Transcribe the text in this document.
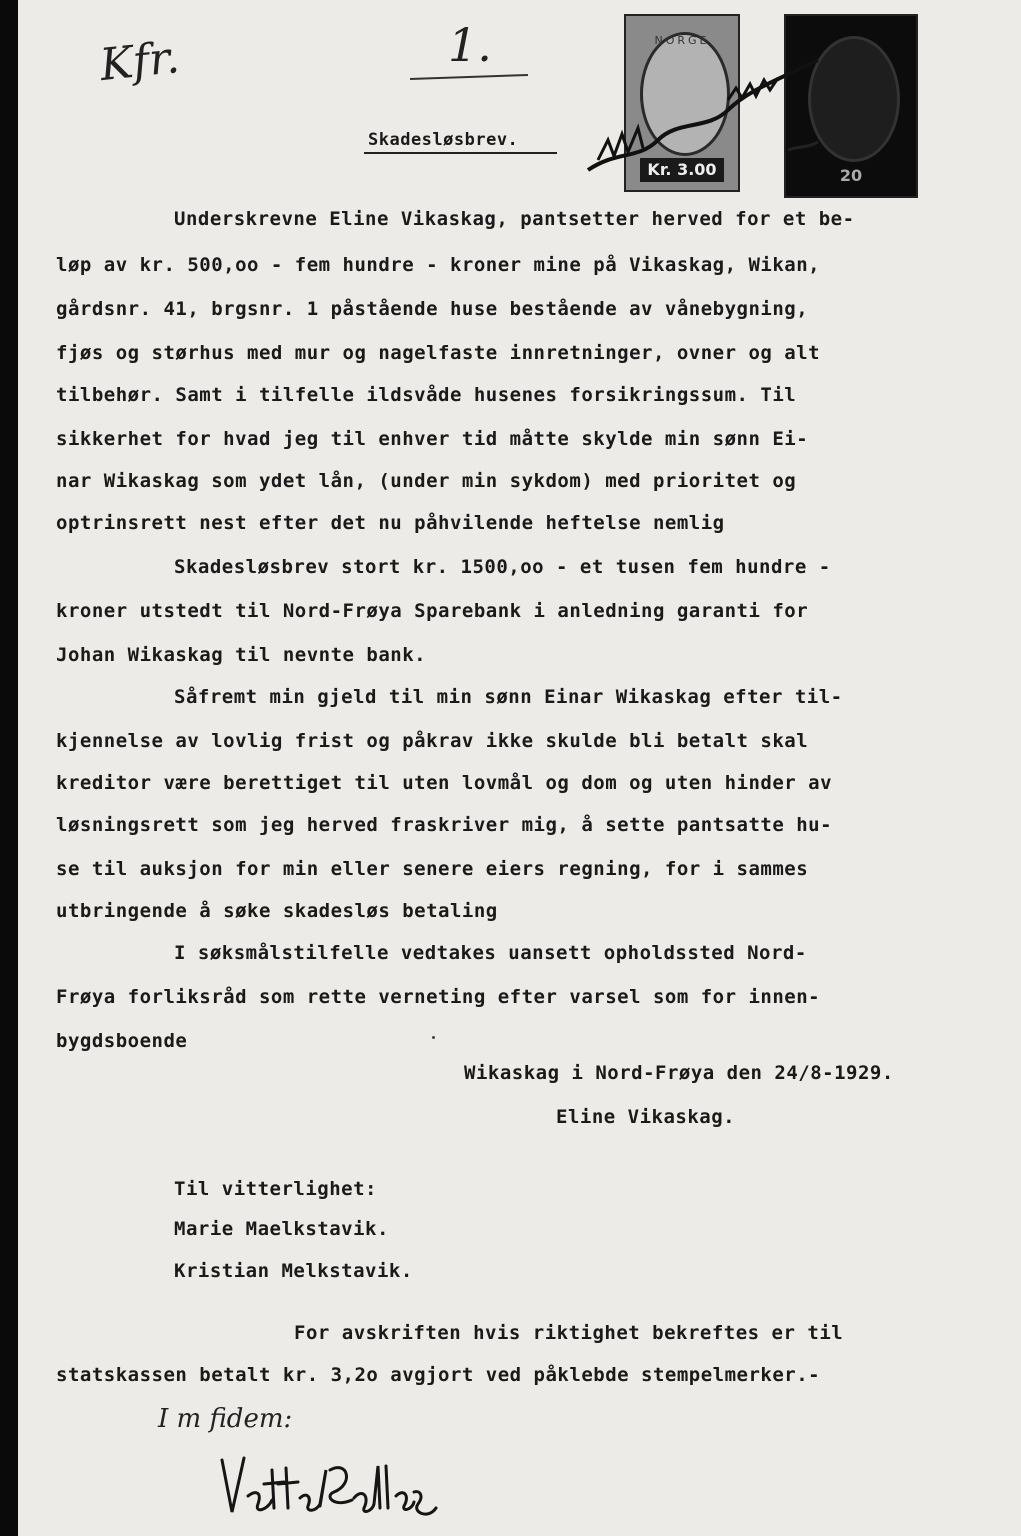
Kfr.	1.	NORGE
Kr. 3.00	20
Skadesløsbrev.
Underskrevne Eline Vikaskag, pantsetter herved for et be-
løp av kr. 500,oo - fem hundre - kroner mine på Vikaskag, Wikan,
gårdsnr. 41, brgsnr. 1 påstående huse bestående av vånebygning,
fjøs og størhus med mur og nagelfaste innretninger, ovner og alt
tilbehør. Samt i tilfelle ildsvåde husenes forsikringssum. Til
sikkerhet for hvad jeg til enhver tid måtte skylde min sønn Ei-
nar Wikaskag som ydet lån, (under min sykdom) med prioritet og
optrinsrett nest efter det nu påhvilende heftelse nemlig
Skadesløsbrev stort kr. 1500,oo - et tusen fem hundre -
kroner utstedt til Nord-Frøya Sparebank i anledning garanti for
Johan Wikaskag til nevnte bank.
Såfremt min gjeld til min sønn Einar Wikaskag efter til-
kjennelse av lovlig frist og påkrav ikke skulde bli betalt skal
kreditor være berettiget til uten lovmål og dom og uten hinder av
løsningsrett som jeg herved fraskriver mig, å sette pantsatte hu-
se til auksjon for min eller senere eiers regning, for i sammes
utbringende å søke skadesløs betaling
I søksmålstilfelle vedtakes uansett opholdssted Nord-
Frøya forliksråd som rette verneting efter varsel som for innen-
bygdsboende
Wikaskag i Nord-Frøya den 24/8-1929.
Eline Vikaskag.
Til vitterlighet:
Marie Maelkstavik.
Kristian Melkstavik.
For avskriften hvis riktighet bekreftes er til
statskassen betalt kr. 3,2o avgjort ved påklebde stempelmerker.-
I m fidem:
